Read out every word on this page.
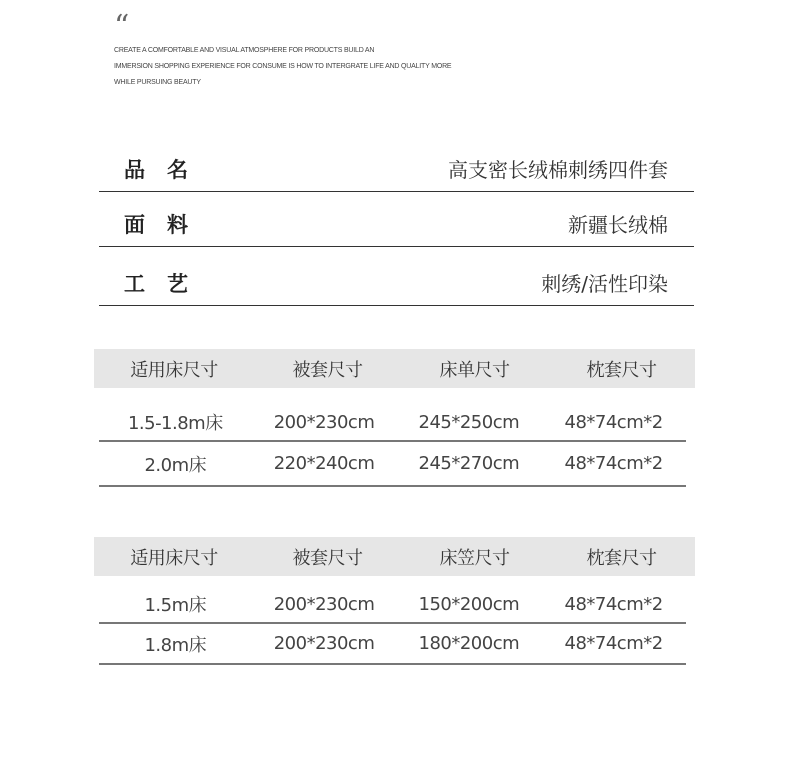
“
CREATE A COMFORTABLE AND VISUAL ATMOSPHERE FOR PRODUCTS BUILD AN
IMMERSION SHOPPING EXPERIENCE FOR CONSUME IS HOW TO INTERGRATE LIFE AND QUALITY MORE
WHILE PURSUING BEAUTY
品名	高支密长绒棉刺绣四件套
面料	新疆长绒棉
工艺	刺绣/活性印染
适用床尺寸	被套尺寸	床单尺寸	枕套尺寸
1.5-1.8m床	200*230cm	245*250cm	48*74cm*2
2.0m床	220*240cm	245*270cm	48*74cm*2
适用床尺寸	被套尺寸	床笠尺寸	枕套尺寸
1.5m床	200*230cm	150*200cm	48*74cm*2
1.8m床	200*230cm	180*200cm	48*74cm*2
